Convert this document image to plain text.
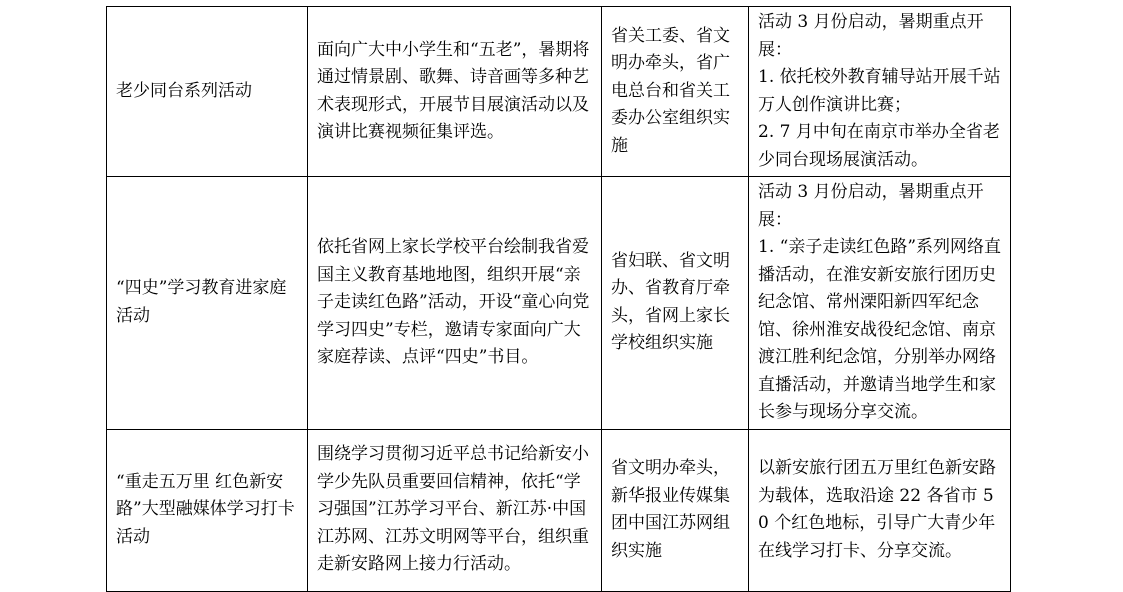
老少同台系列活动	面向广大中小学生和“五老”，暑期将通过情景剧、歌舞、诗音画等多种艺术表现形式，开展节目展演活动以及演讲比赛视频征集评选。	省关工委、省文明办牵头，省广电总台和省关工委办公室组织实施	活动 3 月份启动，暑期重点开展：
1. 依托校外教育辅导站开展千站万人创作演讲比赛；
2. 7 月中旬在南京市举办全省老少同台现场展演活动。

“四史”学习教育进家庭活动	依托省网上家长学校平台绘制我省爱国主义教育基地地图，组织开展“亲子走读红色路”活动，开设“童心向党 学习四史”专栏，邀请专家面向广大家庭荐读、点评“四史”书目。	省妇联、省文明办、省教育厅牵头，省网上家长学校组织实施	活动 3 月份启动，暑期重点开展：
1. “亲子走读红色路”系列网络直播活动，在淮安新安旅行团历史纪念馆、常州溧阳新四军纪念馆、徐州淮安战役纪念馆、南京渡江胜利纪念馆，分别举办网络直播活动，并邀请当地学生和家长参与现场分享交流。

“重走五万里 红色新安路”大型融媒体学习打卡活动	围绕学习贯彻习近平总书记给新安小学少先队员重要回信精神，依托“学习强国”江苏学习平台、新江苏·中国江苏网、江苏文明网等平台，组织重走新安路网上接力行活动。	省文明办牵头，新华报业传媒集团中国江苏网组织实施	以新安旅行团五万里红色新安路为载体，选取沿途 22 各省市 50 个红色地标，引导广大青少年在线学习打卡、分享交流。
